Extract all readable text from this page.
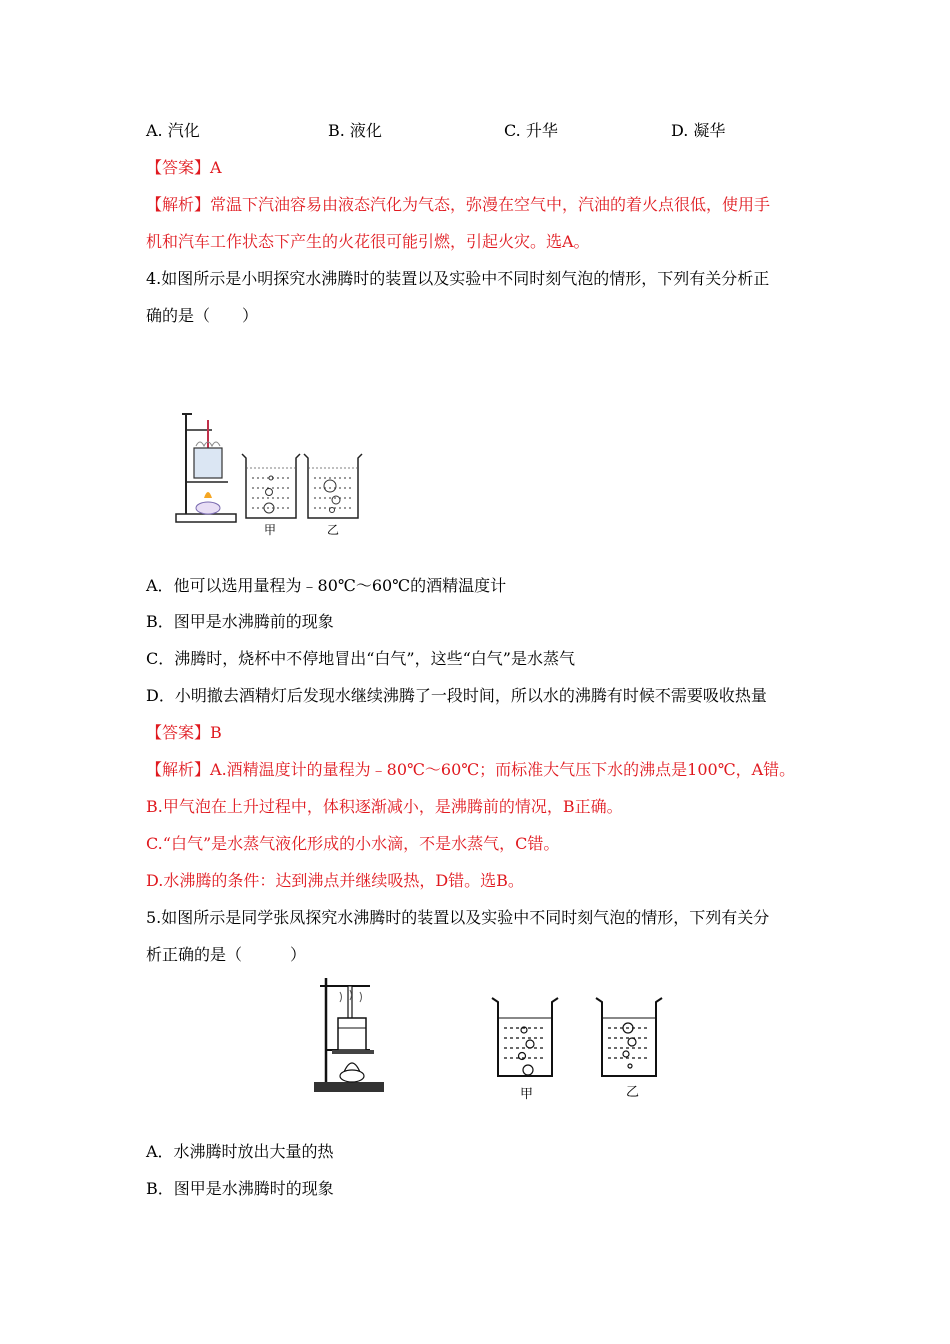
A. 汽化	B. 液化	C. 升华	D. 凝华
【答案】A
【解析】常温下汽油容易由液态汽化为气态，弥漫在空气中，汽油的着火点很低，使用手
机和汽车工作状态下产生的火花很可能引燃，引起火灾。选A。
4.如图所示是小明探究水沸腾时的装置以及实验中不同时刻气泡的情形，下列有关分析正
确的是（　　）
甲	乙
A．他可以选用量程为﹣80℃～60℃的酒精温度计
B．图甲是水沸腾前的现象
C．沸腾时，烧杯中不停地冒出“白气”，这些“白气”是水蒸气
D．小明撤去酒精灯后发现水继续沸腾了一段时间，所以水的沸腾有时候不需要吸收热量
【答案】B
【解析】A.酒精温度计的量程为﹣80℃～60℃；而标准大气压下水的沸点是100℃，A错。
B.甲气泡在上升过程中，体积逐渐减小，是沸腾前的情况，B正确。
C.“白气”是水蒸气液化形成的小水滴，不是水蒸气，C错。
D.水沸腾的条件：达到沸点并继续吸热，D错。选B。
5.如图所示是同学张凤探究水沸腾时的装置以及实验中不同时刻气泡的情形，下列有关分
析正确的是（　　　）
甲	乙
A．水沸腾时放出大量的热
B．图甲是水沸腾时的现象
